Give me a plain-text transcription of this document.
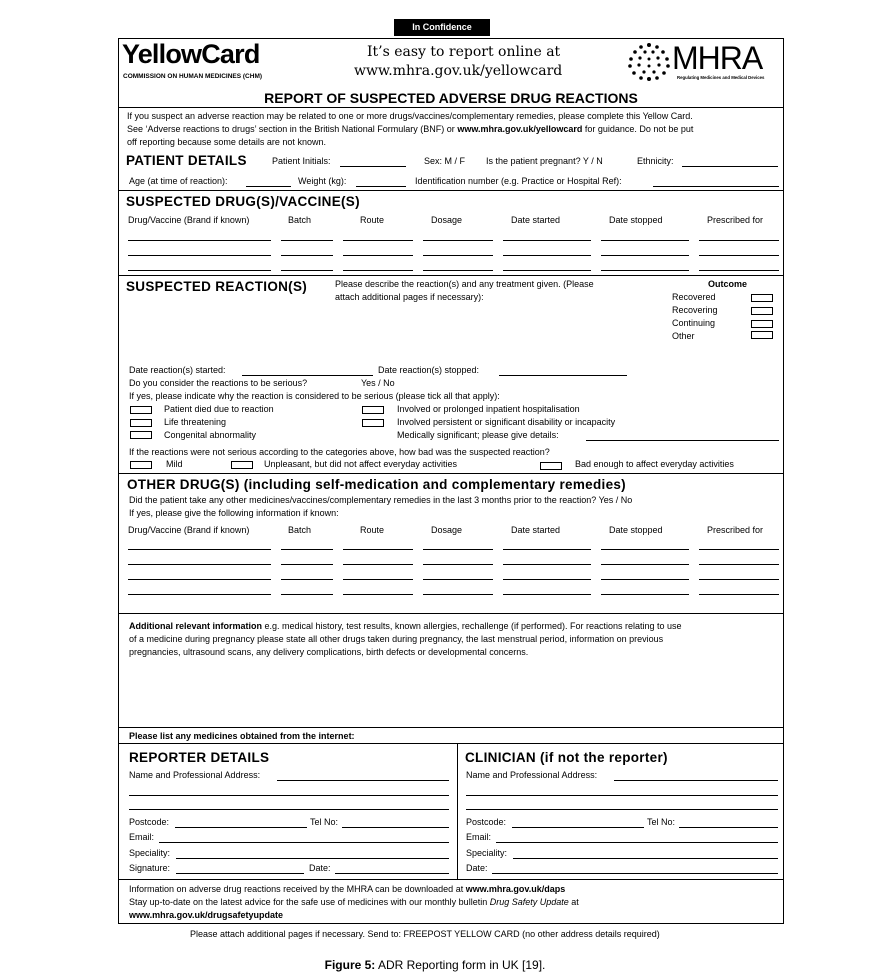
In Confidence
YellowCard
COMMISSION ON HUMAN MEDICINES (CHM)
It’s easy to report online at
www.mhra.gov.uk/yellowcard	MHRA
Regulating Medicines and Medical Devices
REPORT OF SUSPECTED ADVERSE DRUG REACTIONS
If you suspect an adverse reaction may be related to one or more drugs/vaccines/complementary remedies, please complete this Yellow Card.
See ‘Adverse reactions to drugs’ section in the British National Formulary (BNF) or www.mhra.gov.uk/yellowcard for guidance. Do not be put
off reporting because some details are not known.
PATIENT DETAILS	Patient Initials:	Sex: M / F Is the patient pregnant? Y / N	Ethnicity:
Age (at time of reaction):	Weight (kg):	Identification number (e.g. Practice or Hospital Ref):
SUSPECTED DRUG(S)/VACCINE(S)
Drug/Vaccine (Brand if known)	Batch	Route	Dosage	Date started	Date stopped	Prescribed for
SUSPECTED REACTION(S)	Please describe the reaction(s) and any treatment given. (Please
attach additional pages if necessary):
Outcome
Recovered
Recovering
Continuing
Other
Date reaction(s) started:	Date reaction(s) stopped:
Do you consider the reactions to be serious?	Yes / No
If yes, please indicate why the reaction is considered to be serious (please tick all that apply):
Patient died due to reaction
Life threatening
Congenital abnormality
Involved or prolonged inpatient hospitalisation
Involved persistent or significant disability or incapacity
Medically significant; please give details:
If the reactions were not serious according to the categories above, how bad was the suspected reaction?
Mild	Unpleasant, but did not affect everyday activities	Bad enough to affect everyday activities
OTHER DRUG(S) (including self-medication and complementary remedies)
Did the patient take any other medicines/vaccines/complementary remedies in the last 3 months prior to the reaction? Yes / No
If yes, please give the following information if known:
Drug/Vaccine (Brand if known)	Batch	Route	Dosage	Date started	Date stopped	Prescribed for
Additional relevant information e.g. medical history, test results, known allergies, rechallenge (if performed). For reactions relating to use
of a medicine during pregnancy please state all other drugs taken during pregnancy, the last menstrual period, information on previous
pregnancies, ultrasound scans, any delivery complications, birth defects or developmental concerns.
Please list any medicines obtained from the internet:
REPORTER DETAILS
Name and Professional Address:
Postcode:	Tel No:
Email:
Speciality:
Signature:	Date:
CLINICIAN (if not the reporter)
Name and Professional Address:
Postcode:	Tel No:
Email:
Speciality:
Date:
Information on adverse drug reactions received by the MHRA can be downloaded at www.mhra.gov.uk/daps
Stay up-to-date on the latest advice for the safe use of medicines with our monthly bulletin Drug Safety Update at
www.mhra.gov.uk/drugsafetyupdate
Please attach additional pages if necessary. Send to: FREEPOST YELLOW CARD (no other address details required)
Figure 5: ADR Reporting form in UK [19].
